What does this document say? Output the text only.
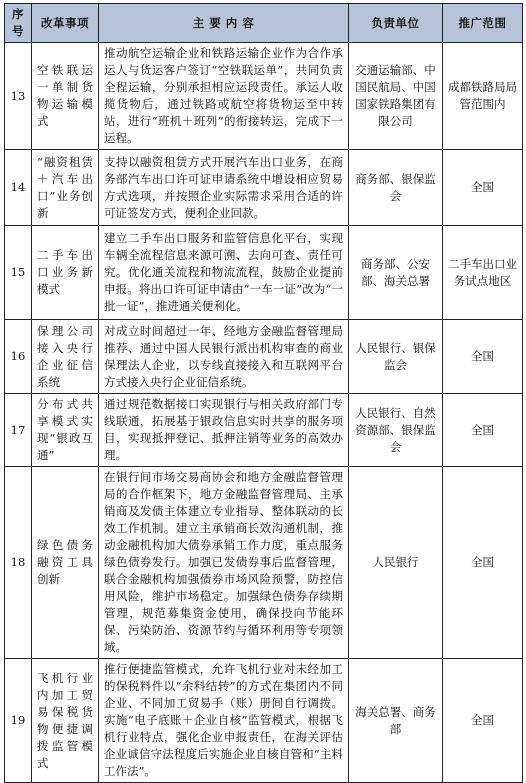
序号	改革事项	主 要 内 容	负责单位	推广范围
13	空铁联运一单制货物运输模式	推动航空运输企业和铁路运输企业作为合作承运人与货运客户签订“空铁联运单”，共同负责全程运输，分别承担相应运段责任。承运人收揽货物后，通过铁路或航空将货物运至中转站，进行“班机＋班列”的衔接转运，完成下一运程。	交通运输部、中国民航局、中国国家铁路集团有限公司	成都铁路局局管范围内
14	“融资租赁＋汽车出口”业务创新	支持以融资租赁方式开展汽车出口业务，在商务部汽车出口许可证申请系统中增设相应贸易方式选项，并按照企业实际需求采用合适的许可证签发方式，便利企业回款。	商务部、银保监会	全国
15	二手车出口业务新模式	建立二手车出口服务和监管信息化平台，实现车辆全流程信息来源可溯、去向可查、责任可究。优化通关流程和物流流程，鼓励企业提前申报。将出口许可证申请由“一车一证”改为“一批一证”，推进通关便利化。	商务部、公安部、海关总署	二手车出口业务试点地区
16	保理公司接入央行企业征信系统	对成立时间超过一年、经地方金融监督管理局推荐、通过中国人民银行派出机构审查的商业保理法人企业，以专线直接接入和互联网平台方式接入央行企业征信系统。	人民银行、银保监会	全国
17	分布式共享模式实现“银政互通”	通过规范数据接口实现银行与相关政府部门专线联通，拓展基于银政信息实时共享的服务项目，实现抵押登记、抵押注销等业务的高效办理。	人民银行、自然资源部、银保监会	全国
18	绿色债务融资工具创新	在银行间市场交易商协会和地方金融监督管理局的合作框架下，地方金融监督管理局、主承销商及发债主体建立专业指导、整体联动的长效工作机制。建立主承销商长效沟通机制，推动金融机构加大债券承销工作力度，重点服务绿色债券发行。加强已发债券事后监督管理，联合金融机构加强债券市场风险预警，防控信用风险，维护市场稳定。加强绿色债券存续期管理，规范募集资金使用，确保投向节能环保、污染防治、资源节约与循环利用等专项领域。	人民银行	全国
19	飞机行业内加工贸易保税货物便捷调拨监管模式	推行便捷监管模式，允许飞机行业对未经加工的保税料件以“余料结转”的方式在集团内不同企业、不同加工贸易手（账）册间自行调拨。实施“电子底账＋企业自核”监管模式，根据飞机行业特点，强化企业申报责任，在海关评估企业诚信守法程度后实施企业自核自管和“主料工作法”。	海关总署、商务部	全国
